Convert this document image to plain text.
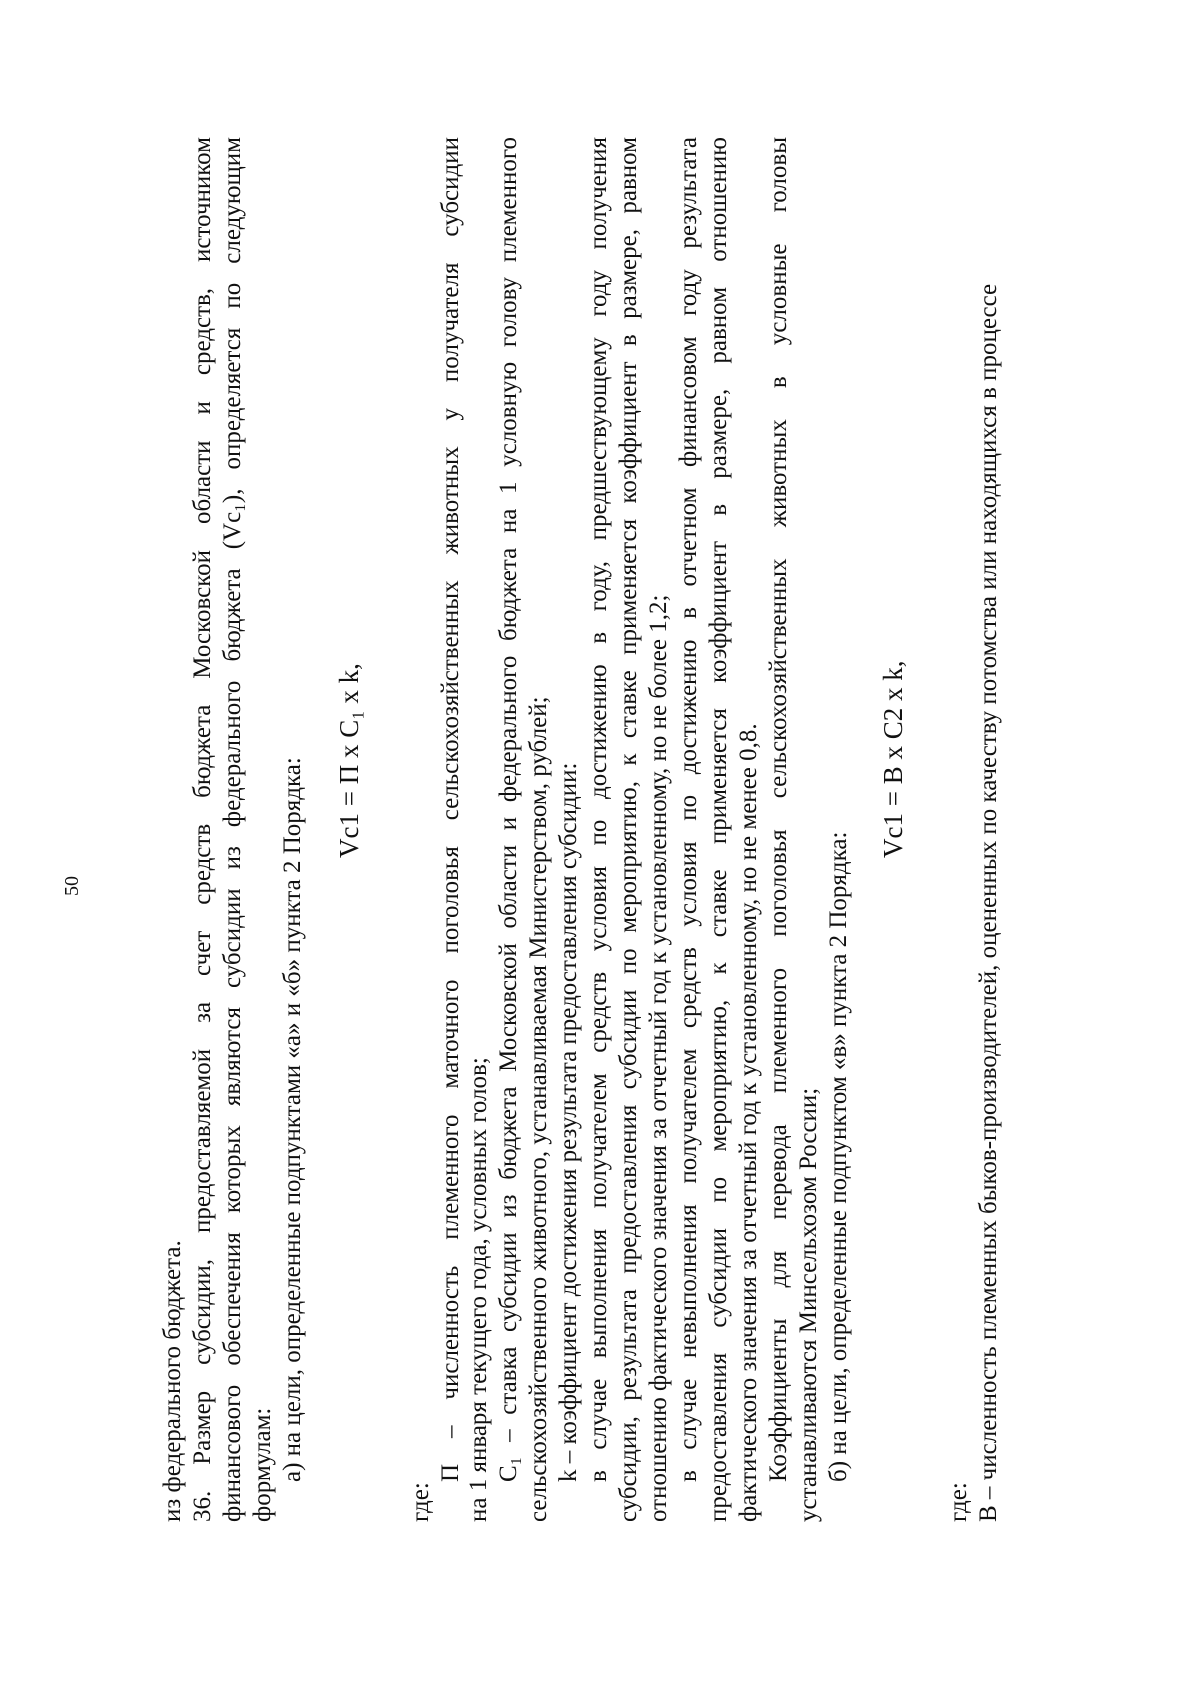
50
из федерального бюджета. 36. Размер субсидии, предоставляемой за счет средств бюджета Московской области и средств, источником финансового обеспечения которых являются субсидии из федерального бюджета (Vc₁), определяется по следующим формулам: а) на цели, определенные подпунктами «а» и «б» пункта 2 Порядка: Vc1 = П х C₁ х k,
где:
П – численность племенного маточного поголовья сельскохозяйственных животных у получателя субсидии на 1 января текущего года, условных голов; C₁ – ставка субсидии из бюджета Московской области и федерального бюджета на 1 условную голову племенного сельскохозяйственного животного, устанавливаемая Министерством, рублей; k – коэффициент достижения результата предоставления субсидии: в случае выполнения получателем средств условия по достижению в году, предшествующему году получения субсидии, результата предоставления субсидии по мероприятию, к ставке применяется коэффициент в размере, равном отношению фактического значения за отчетный год к установленному, но не более 1,2; в случае невыполнения получателем средств условия по достижению в отчетном финансовом году результата предоставления субсидии по мероприятию, к ставке применяется коэффициент в размере, равном отношению фактического значения за отчетный год к установленному, но не менее 0,8. Коэффициенты для перевода племенного поголовья сельскохозяйственных животных в условные головы устанавливаются Минсельхозом России; б) на цели, определенные подпунктом «в» пункта 2 Порядка:
Vc1 = В х C2 х k,
где: В – численность племенных быков-производителей, оцененных по качеству потомства или находящихся в процессе
